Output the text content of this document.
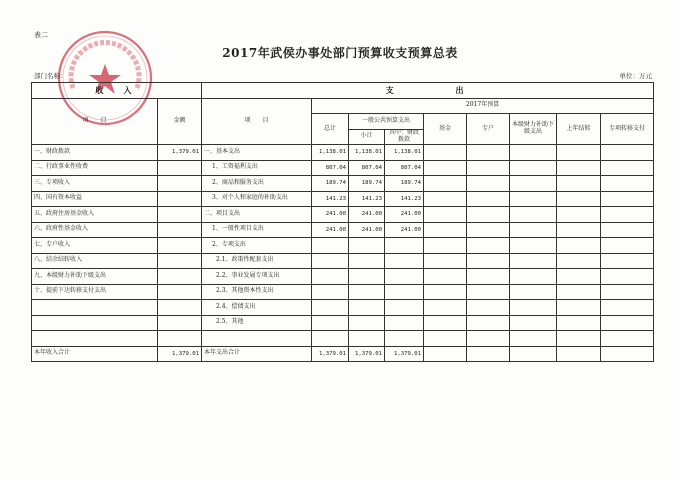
表二
2017年武侯办事处部门预算收支预算总表
部门名称：	单位：万元
收　入		支　　　　出								
项　　目	金额	项　　目	2017年预算							
			总计	一般公共预算支出		基金	专户	本级财力补助下级支出	上年结转	专项转移支付
				小计	其中：财政拨款					

一、财政拨款	1,379.01	一、基本支出	1,138.01	1,138.01	1,138.01					
二、行政事业性收费		1、工资福利支出	807.04	807.04	807.04					
三、专项收入		2、商品和服务支出	189.74	189.74	189.74					
四、国有资本收益		3、对个人和家庭的补助支出	141.23	141.23	141.23					
五、政府住房基金收入		二、项目支出	241.00	241.00	241.00					
六、政府性基金收入		1、一般性项目支出	241.00	241.00	241.00					
七、专户收入		2、专项支出								
八、结余结转收入		2.1、政策性配套支出								
九、本级财力补助下级支出		2.2、事业发展专项支出								
十、提前下达转移支付支出		2.3、其他资本性支出								
		2.4、偿债支出								
		2.5、其他								

本年收入合计	1,379.01	本年支出合计	1,379.01	1,379.01	1,379.01					
